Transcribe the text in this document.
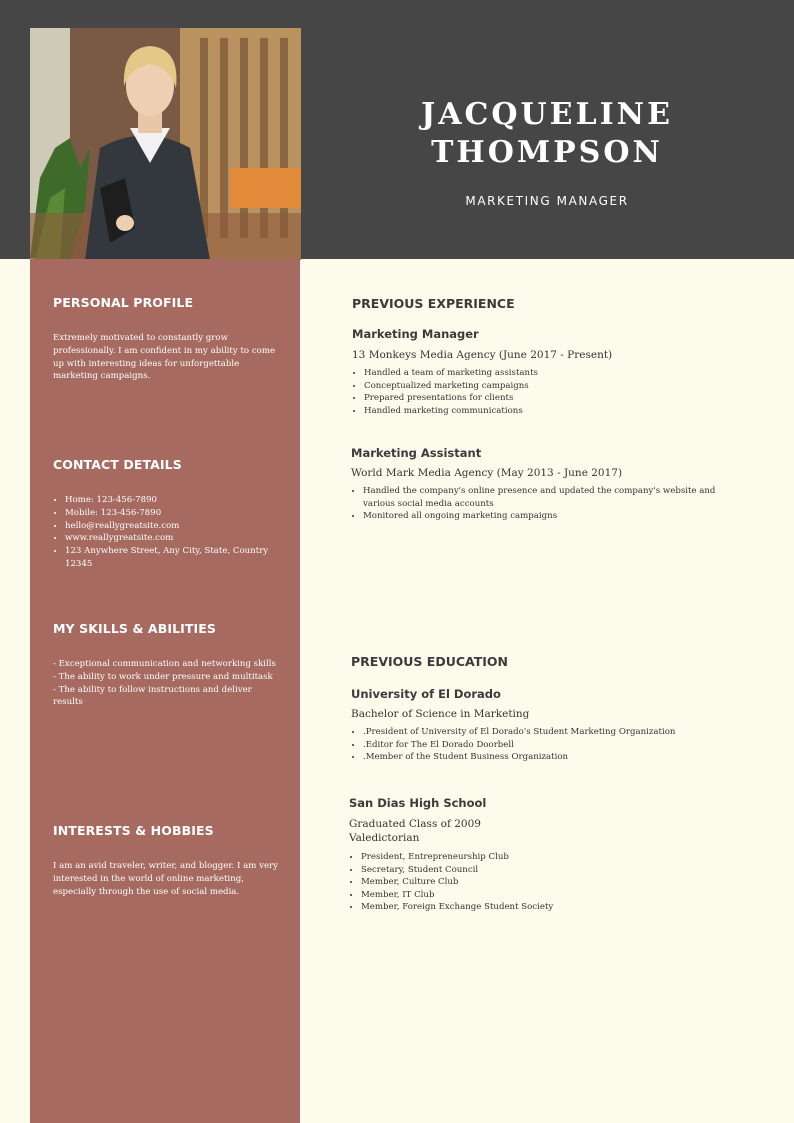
JACQUELINE
THOMPSON
MARKETING MANAGER
PERSONAL PROFILE

Extremely motivated to constantly grow professionally. I am confident in my ability to come up with interesting ideas for unforgettable marketing campaigns.

CONTACT DETAILS
• Home: 123-456-7890
• Mobile: 123-456-7890
• hello@reallygreatsite.com
• www.reallygreatsite.com
• 123 Anywhere Street, Any City, State, Country 12345
MY SKILLS & ABILITIES
- Exceptional communication and networking skills
- The ability to work under pressure and multitask
- The ability to follow instructions and deliver results
INTERESTS & HOBBIES

I am an avid traveler, writer, and blogger. I am very interested in the world of online marketing, especially through the use of social media.

PREVIOUS EXPERIENCE
Marketing Manager
13 Monkeys Media Agency (June 2017 - Present)
• Handled a team of marketing assistants
• Conceptualized marketing campaigns
• Prepared presentations for clients
• Handled marketing communications
Marketing Assistant
World Mark Media Agency (May 2013 - June 2017)
• Handled the company's online presence and updated the company's website and various social media accounts
• Monitored all ongoing marketing campaigns
PREVIOUS EDUCATION
University of El Dorado
Bachelor of Science in Marketing
• .President of University of El Dorado's Student Marketing Organization
• .Editor for The El Dorado Doorbell
• .Member of the Student Business Organization
San Dias High School
Graduated Class of 2009
Valedictorian
• President, Entrepreneurship Club
• Secretary, Student Council
• Member, Culture Club
• Member, IT Club
• Member, Foreign Exchange Student Society
